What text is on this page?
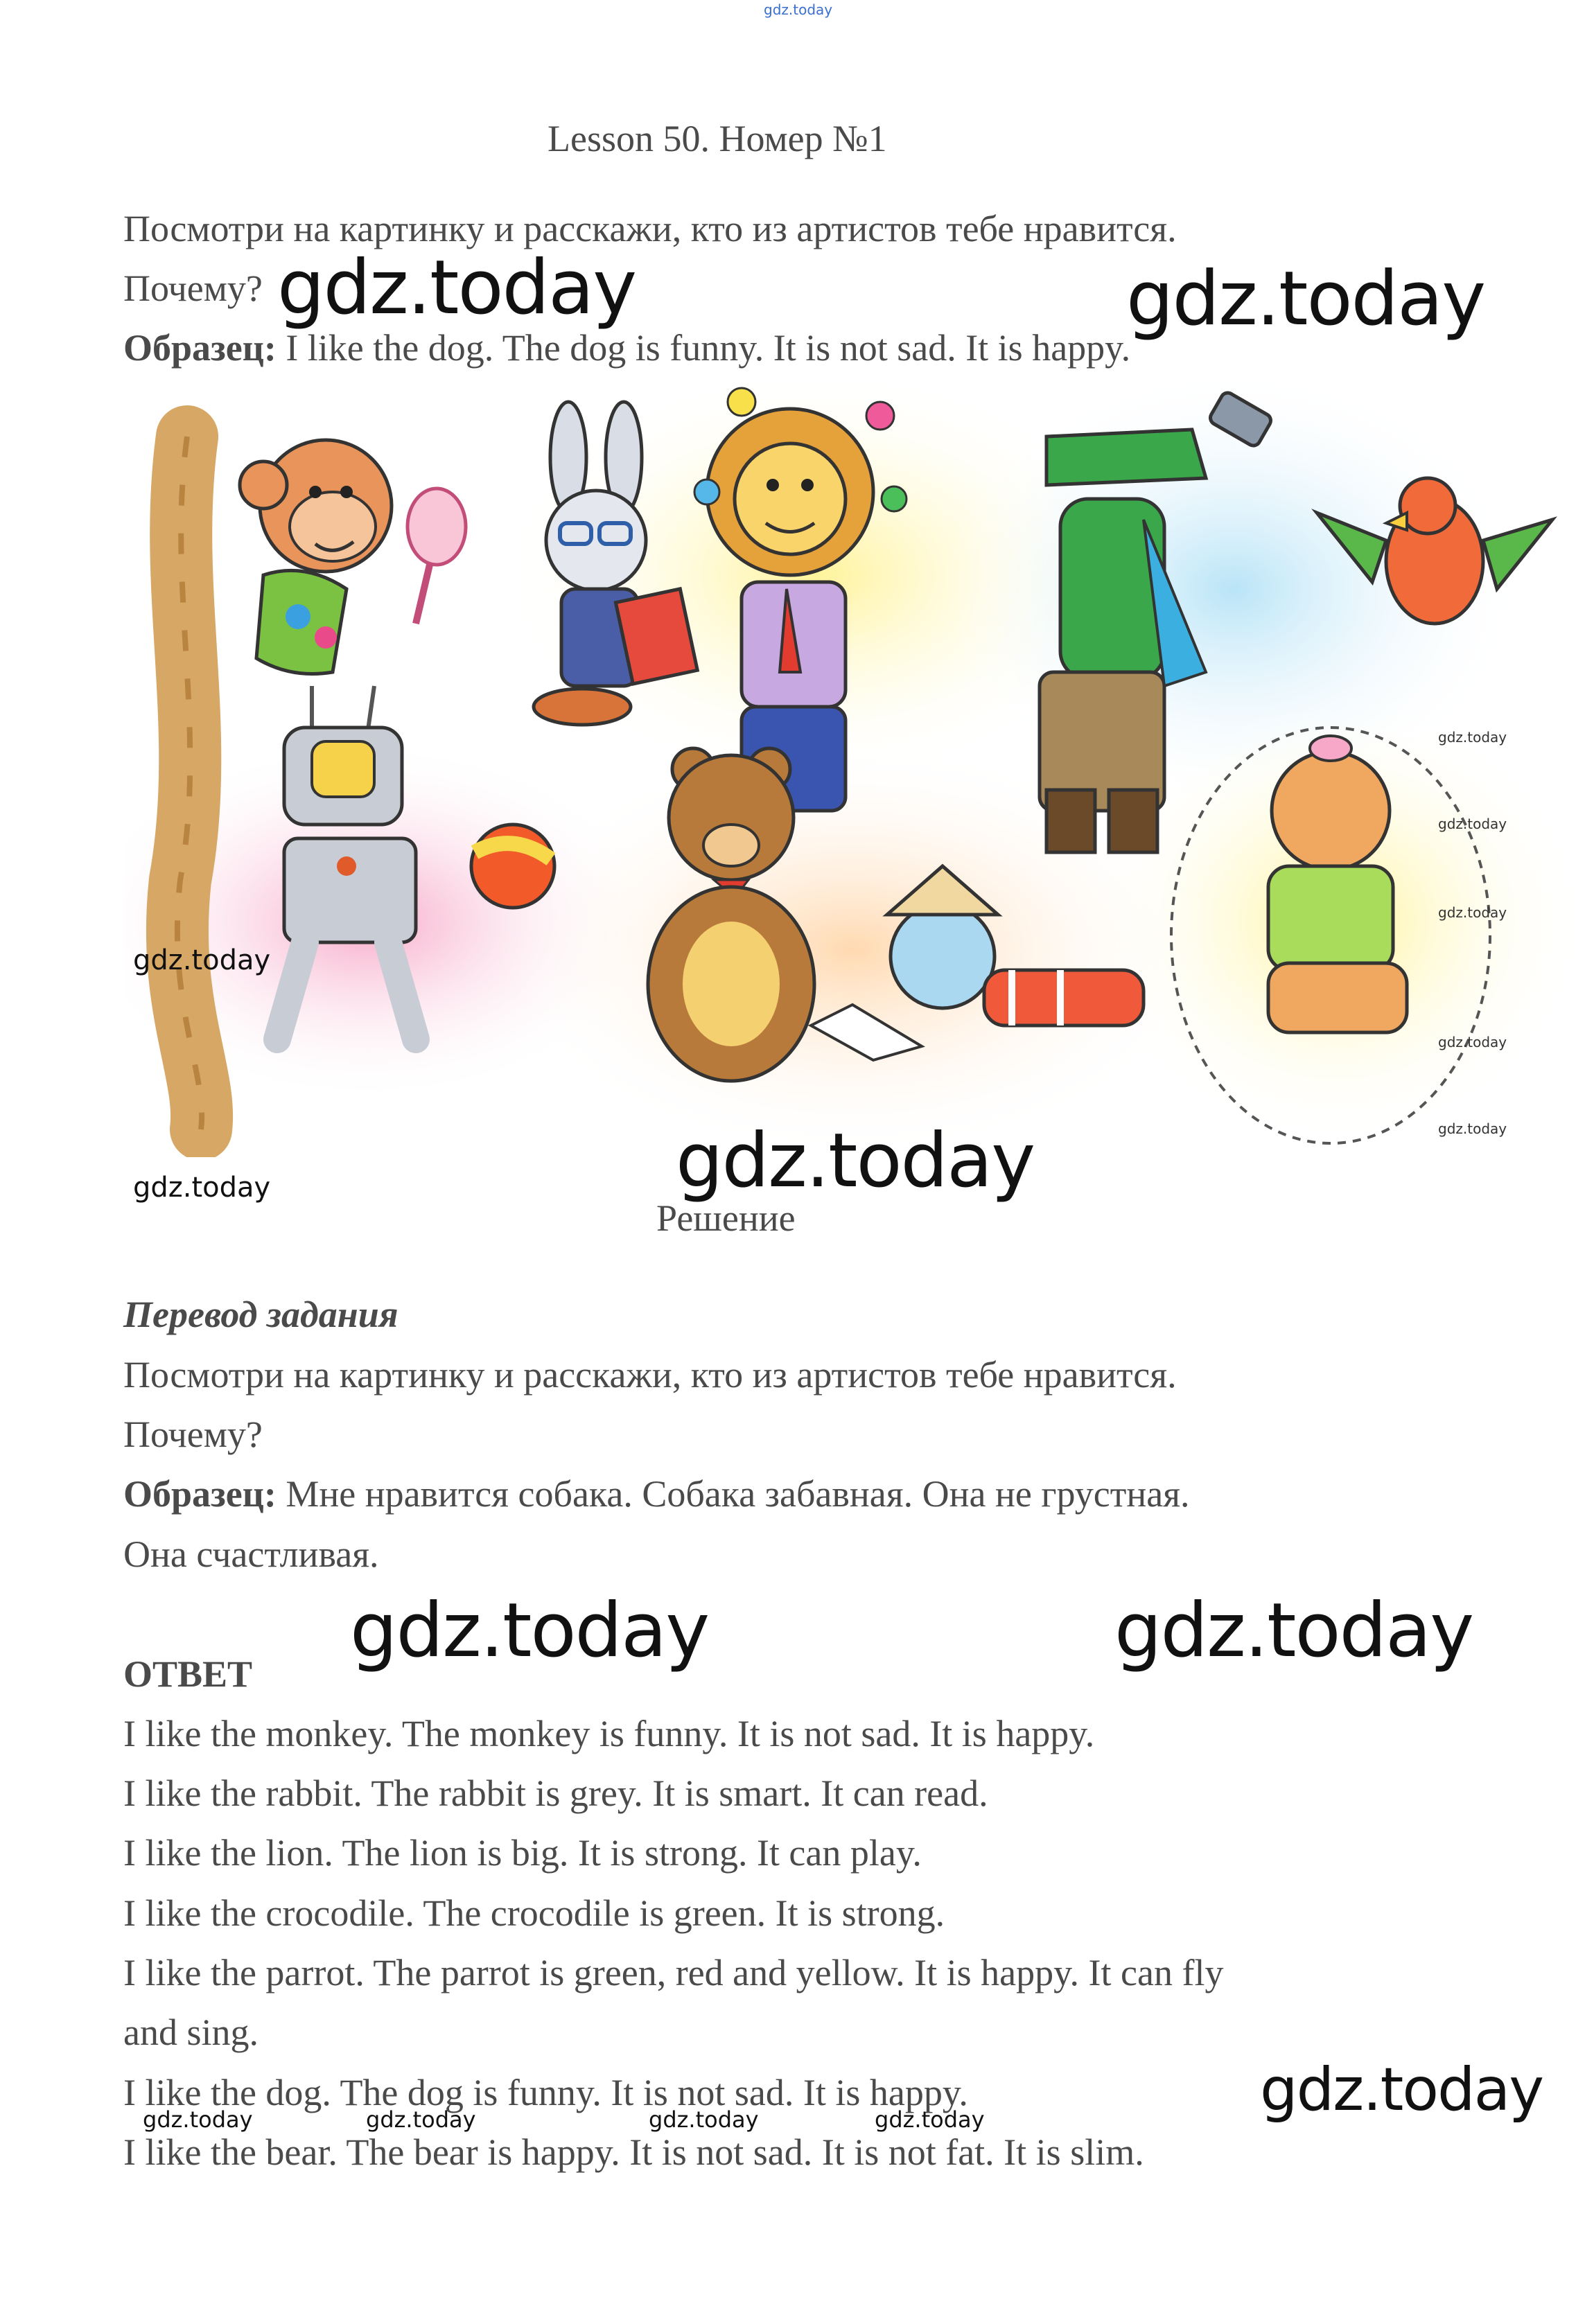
gdz.today
Lesson 50. Номер №1
Посмотри на картинку и расскажи, кто из артистов тебе нравится.
Почему?
Образец: I like the dog. The dog is funny. It is not sad. It is happy.
gdz.today
gdz.today
gdz.today
gdz.today
gdz.today
gdz.today	gdz.today
gdz.today
gdz.today	gdz.today
Решение
Перевод задания
Посмотри на картинку и расскажи, кто из артистов тебе нравится.
Почему?
Образец: Мне нравится собака. Собака забавная. Она не грустная.
Она счастливая.
gdz.today	gdz.today
ОТВЕТ
I like the monkey. The monkey is funny. It is not sad. It is happy.
I like the rabbit. The rabbit is grey. It is smart. It can read.
I like the lion. The lion is big. It is strong. It can play.
I like the crocodile. The crocodile is green. It is strong.
I like the parrot. The parrot is green, red and yellow. It is happy. It can fly
and sing.
I like the dog. The dog is funny. It is not sad. It is happy.
I like the bear. The bear is happy. It is not sad. It is not fat. It is slim.
gdz.today
gdz.today	gdz.today	gdz.today	gdz.today
